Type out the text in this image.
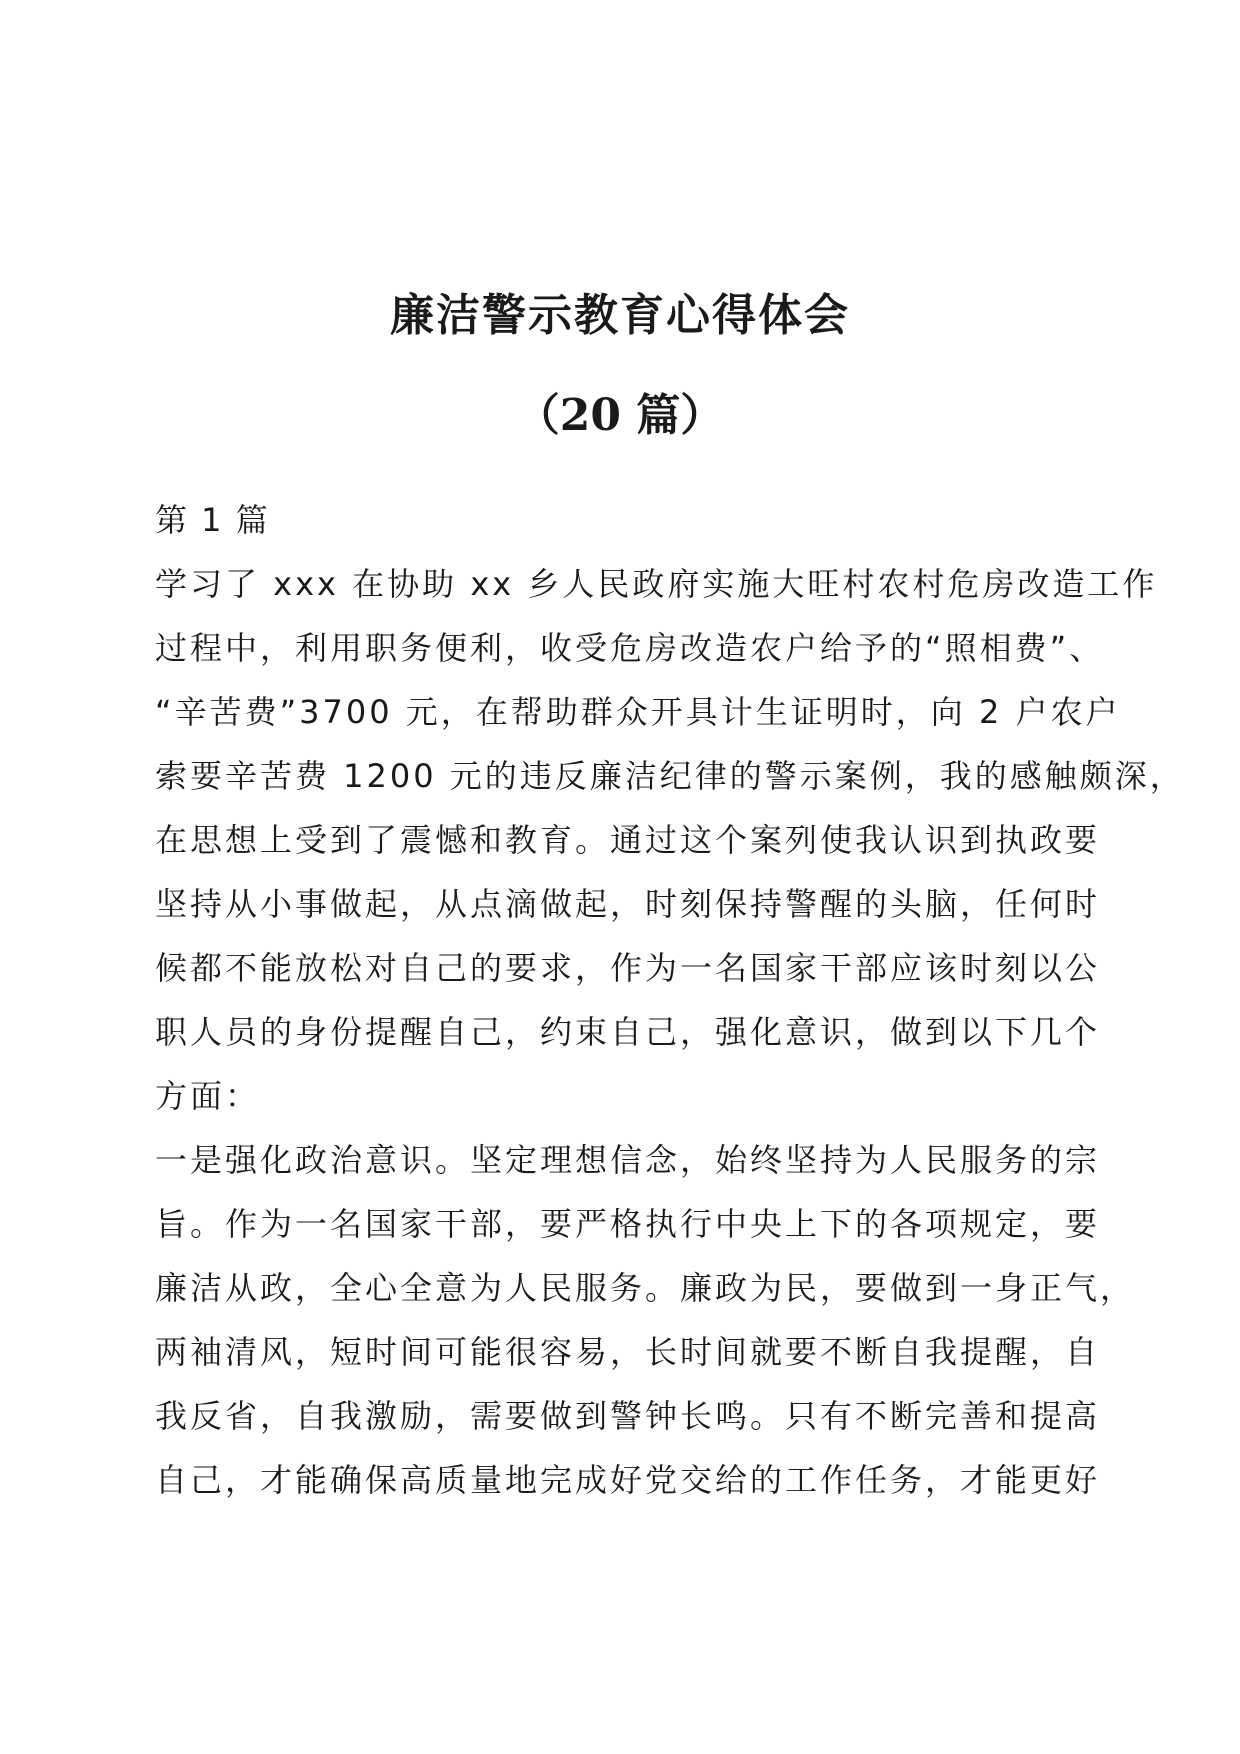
廉洁警示教育心得体会
（20 篇）
第 1 篇
学习了 xxx 在协助 xx 乡人民政府实施大旺村农村危房改造工作
过程中，利用职务便利，收受危房改造农户给予的“照相费”、
“辛苦费”3700 元，在帮助群众开具计生证明时，向 2 户农户
索要辛苦费 1200 元的违反廉洁纪律的警示案例，我的感触颇深，
在思想上受到了震憾和教育。通过这个案列使我认识到执政要
坚持从小事做起，从点滴做起，时刻保持警醒的头脑，任何时
候都不能放松对自己的要求，作为一名国家干部应该时刻以公
职人员的身份提醒自己，约束自己，强化意识，做到以下几个
方面：
一是强化政治意识。坚定理想信念，始终坚持为人民服务的宗
旨。作为一名国家干部，要严格执行中央上下的各项规定，要
廉洁从政，全心全意为人民服务。廉政为民，要做到一身正气，
两袖清风，短时间可能很容易，长时间就要不断自我提醒，自
我反省，自我激励，需要做到警钟长鸣。只有不断完善和提高
自己，才能确保高质量地完成好党交给的工作任务，才能更好
